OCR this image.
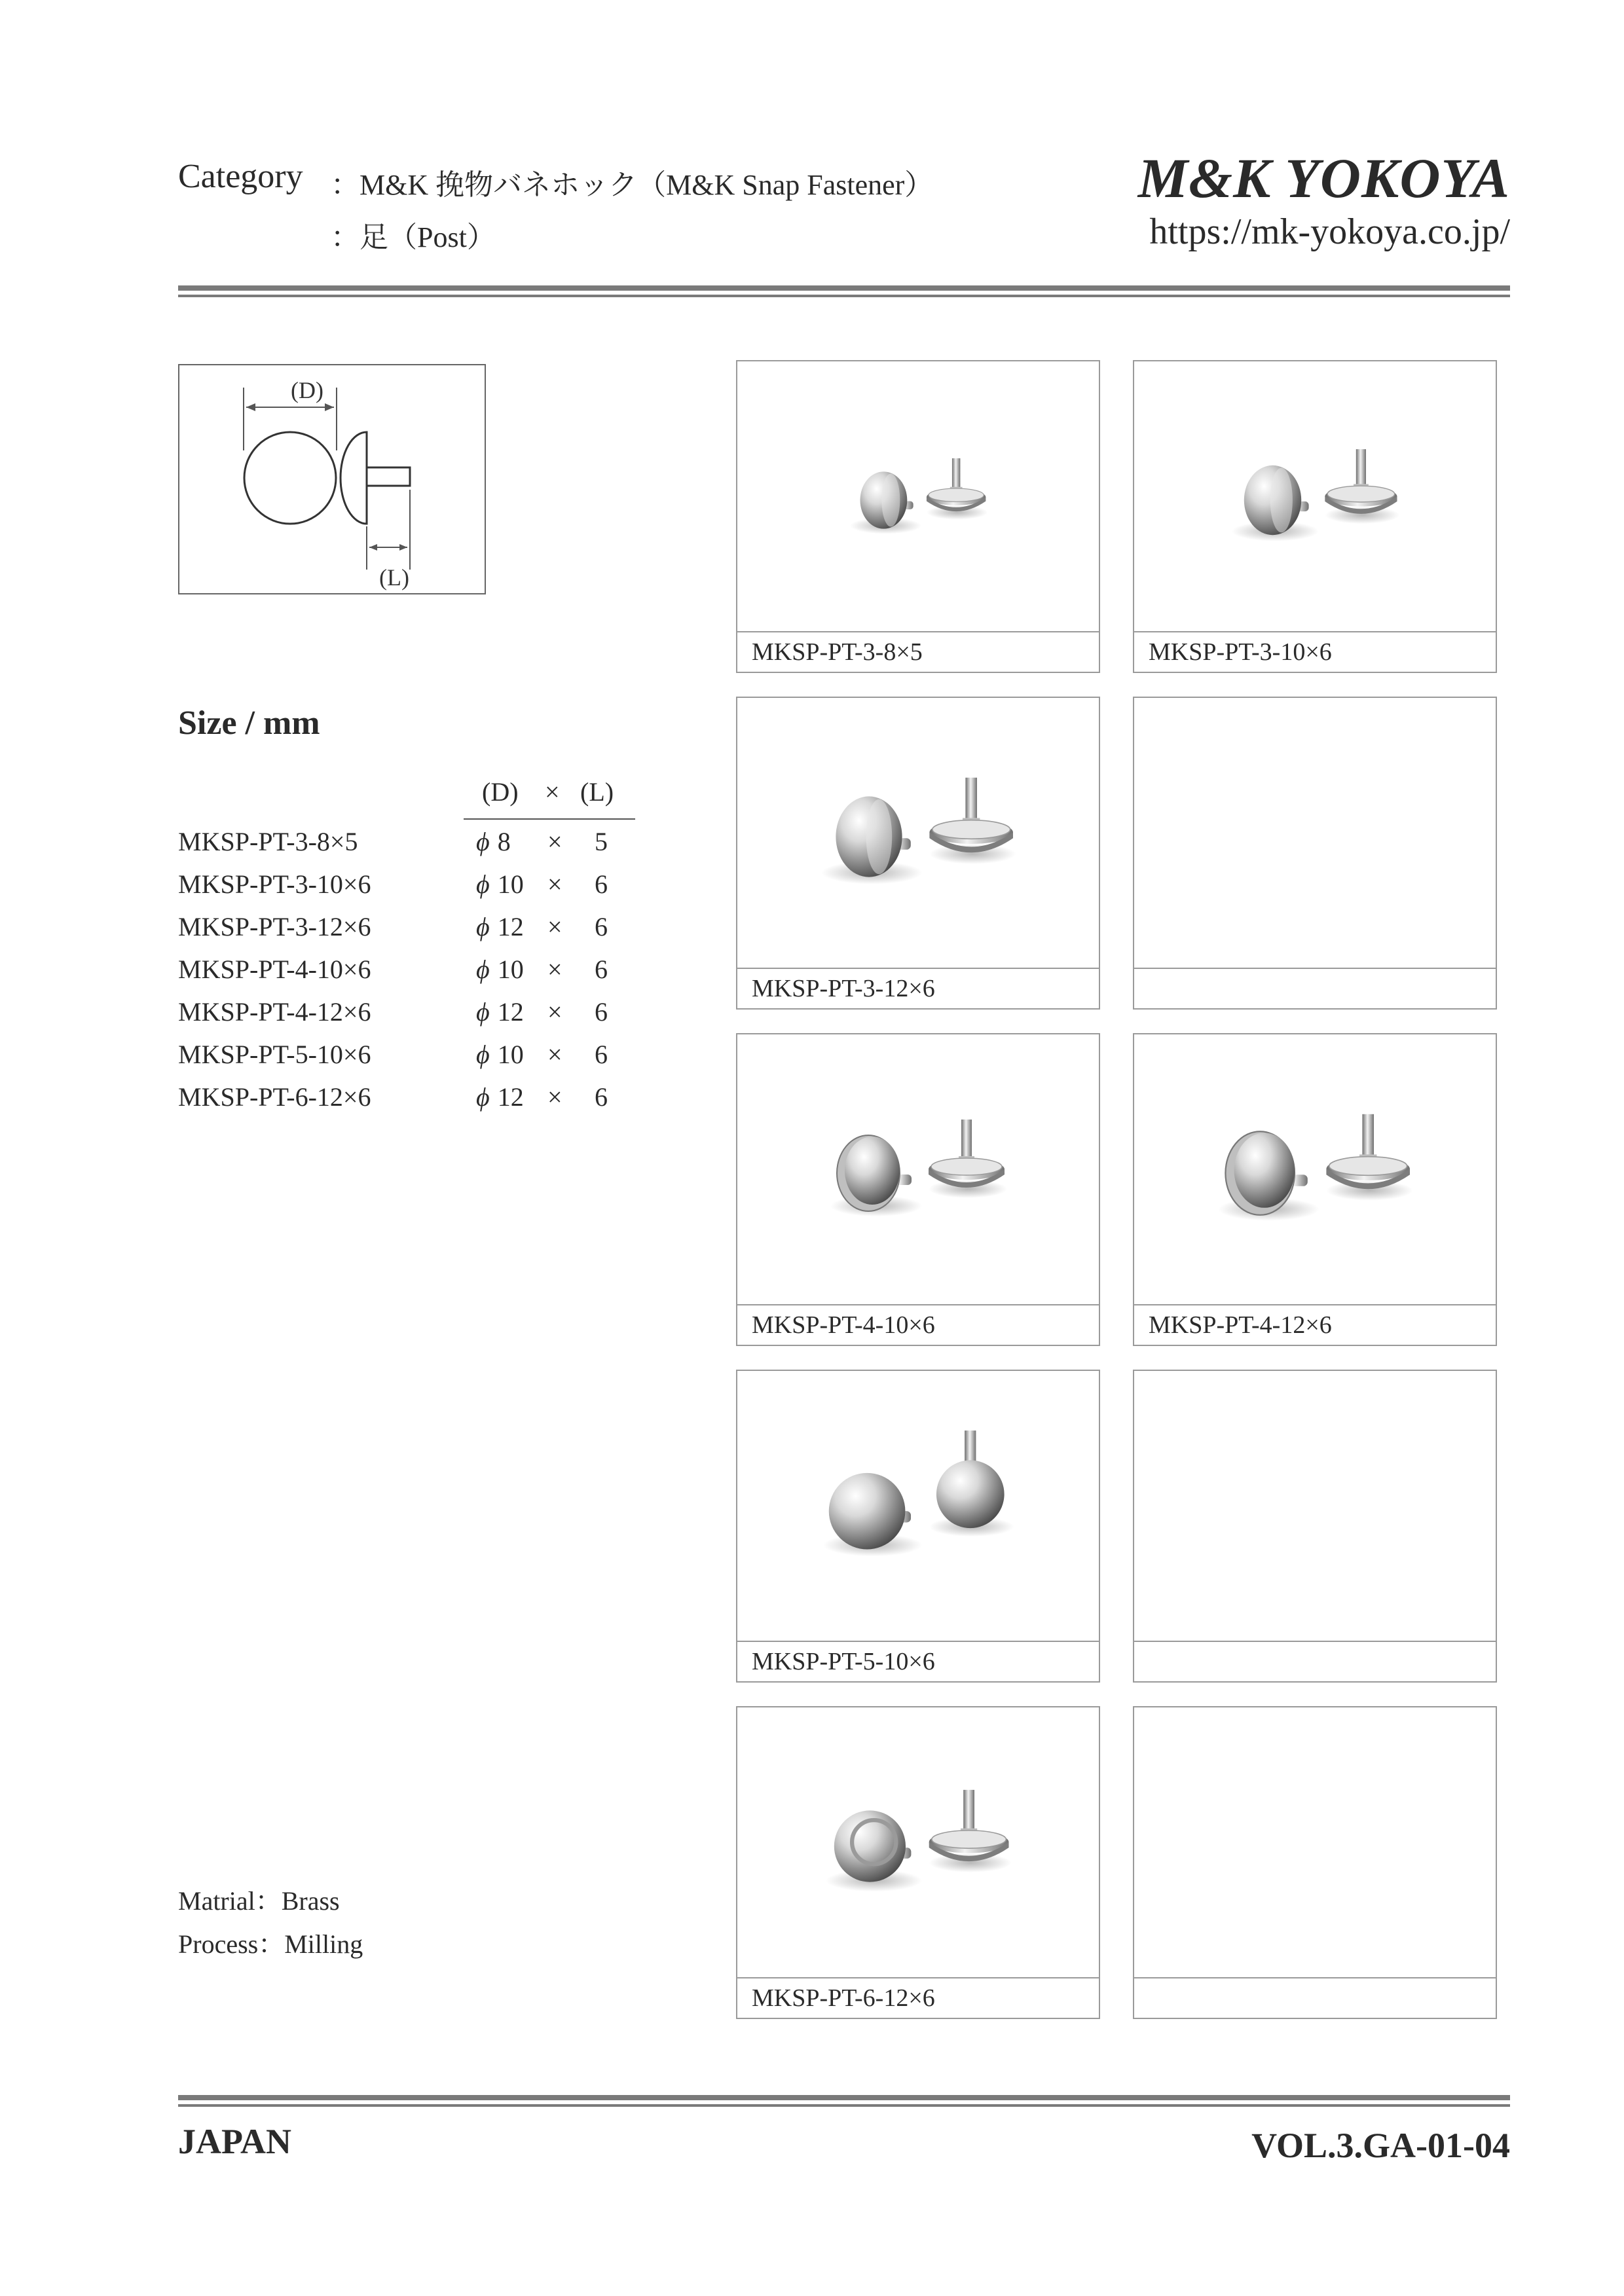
Category ：M&K 挽物バネホック（M&K Snap Fastener）
：足（Post）
M&K YOKOYA
https://mk-yokoya.co.jp/
(D)
(L)
Size / mm
(D) × (L)
MKSP-PT-3-8×5	ϕ 8	× 5
MKSP-PT-3-10×6	ϕ 10 × 6
MKSP-PT-3-12×6	ϕ 12 × 6
MKSP-PT-4-10×6	ϕ 10 × 6
MKSP-PT-4-12×6	ϕ 12 × 6
MKSP-PT-5-10×6	ϕ 10 × 6
MKSP-PT-6-12×6	ϕ 12 × 6
Matrial：Brass
Process：Milling
MKSP-PT-3-8×5	MKSP-PT-3-10×6
MKSP-PT-3-12×6
MKSP-PT-4-10×6	MKSP-PT-4-12×6
MKSP-PT-5-10×6
MKSP-PT-6-12×6
JAPAN	VOL.3.GA-01-04
